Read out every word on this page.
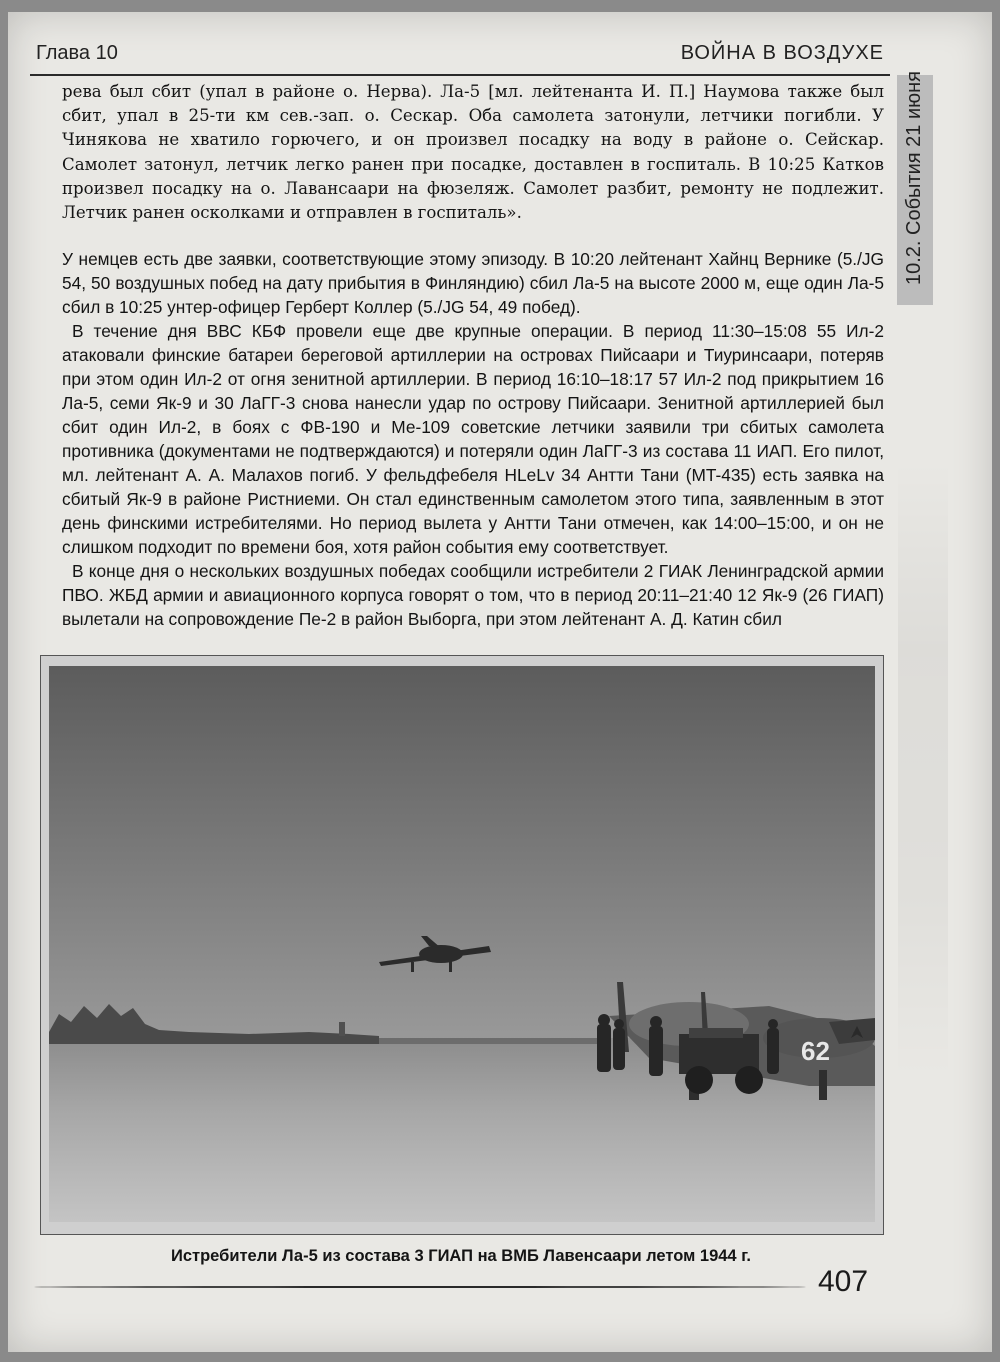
Глава 10	ВОЙНА В ВОЗДУХЕ
10.2. События 21 июня
рева был сбит (упал в районе о. Нерва). Ла-5 [мл. лейтенанта И. П.] Наумова также был сбит, упал в 25-ти км сев.-зап. о. Сескар. Оба самолета затонули, летчики погибли. У Чинякова не хватило горючего, и он произвел посадку на воду в районе о. Сейскар. Самолет затонул, летчик легко ранен при посадке, доставлен в госпиталь. В 10:25 Катков произвел посадку на о. Лавансаари на фюзеляж. Самолет разбит, ремонту не подлежит. Летчик ранен осколками и отправлен в госпиталь».

У немцев есть две заявки, соответствующие этому эпизоду. В 10:20 лейтенант Хайнц Вернике (5./JG 54, 50 воздушных побед на дату прибытия в Финляндию) сбил Ла-5 на высоте 2000 м, еще один Ла-5 сбил в 10:25 унтер-офицер Герберт Коллер (5./JG 54, 49 побед).

В течение дня ВВС КБФ провели еще две крупные операции. В период 11:30–15:08 55 Ил-2 атаковали финские батареи береговой артиллерии на островах Пийсаари и Тиуринсаари, потеряв при этом один Ил-2 от огня зенитной артиллерии. В период 16:10–18:17 57 Ил-2 под прикрытием 16 Ла-5, семи Як-9 и 30 ЛаГГ-3 снова нанесли удар по острову Пийсаари. Зенитной артиллерией был сбит один Ил-2, в боях с ФВ-190 и Ме-109 советские летчики заявили три сбитых самолета противника (документами не подтверждаются) и потеряли один ЛаГГ-3 из состава 11 ИАП. Его пилот, мл. лейтенант А. А. Малахов погиб. У фельдфебеля HLeLv 34 Антти Тани (MT-435) есть заявка на сбитый Як-9 в районе Ристниеми. Он стал единственным самолетом этого типа, заявленным в этот день финскими истребителями. Но период вылета у Антти Тани отмечен, как 14:00–15:00, и он не слишком подходит по времени боя, хотя район события ему соответствует.

В конце дня о нескольких воздушных победах сообщили истребители 2 ГИАК Ленинградской армии ПВО. ЖБД армии и авиационного корпуса говорят о том, что в период 20:11–21:40 12 Як-9 (26 ГИАП) вылетали на сопровождение Пе-2 в район Выборга, при этом лейтенант А. Д. Катин сбил

62
Истребители Ла-5 из состава 3 ГИАП на ВМБ Лавенсаари летом 1944 г.
407
